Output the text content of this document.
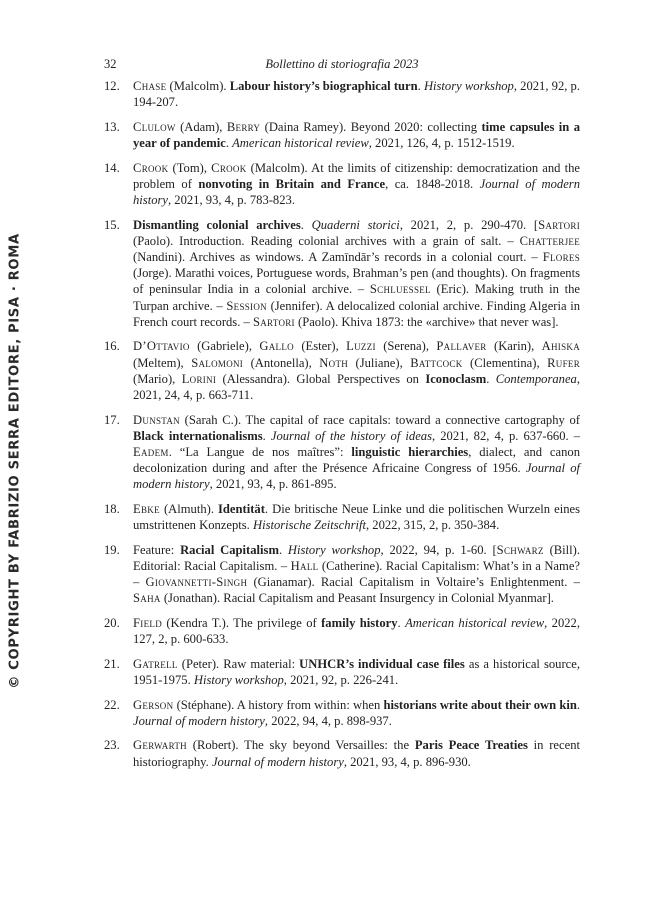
© COPYRIGHT BY FABRIZIO SERRA EDITORE, PISA · ROMA
32	Bollettino di storiografia 2023
12. Chase (Malcolm). Labour history’s biographical turn. History workshop, 2021, 92, p. 194-207.
13. Clulow (Adam), Berry (Daina Ramey). Beyond 2020: collecting time capsules in a year of pandemic. American historical review, 2021, 126, 4, p. 1512-1519.
14. Crook (Tom), Crook (Malcolm). At the limits of citizenship: democratization and the problem of nonvoting in Britain and France, ca. 1848-2018. Journal of modern history, 2021, 93, 4, p. 783-823.
15. Dismantling colonial archives. Quaderni storici, 2021, 2, p. 290-470. [Sartori (Paolo). Introduction. Reading colonial archives with a grain of salt. – Chatterjee (Nandini). Archives as windows. A Zamīndār’s records in a colonial court. – Flores (Jorge). Marathi voices, Portuguese words, Brahman’s pen (and thoughts). On fragments of peninsular India in a colonial archive. – Schluessel (Eric). Making truth in the Turpan archive. – Session (Jennifer). A delocalized colonial archive. Finding Algeria in French court records. – Sartori (Paolo). Khiva 1873: the «archive» that never was].
16. D’Ottavio (Gabriele), Gallo (Ester), Luzzi (Serena), Pallaver (Karin), Ahiska (Meltem), Salomoni (Antonella), Noth (Juliane), Battcock (Clementina), Rufer (Mario), Lorini (Alessandra). Global Perspectives on Iconoclasm. Contemporanea, 2021, 24, 4, p. 663-711.
17. Dunstan (Sarah C.). The capital of race capitals: toward a connective cartography of Black internationalisms. Journal of the history of ideas, 2021, 82, 4, p. 637-660. – Eadem. “La Langue de nos maîtres”: linguistic hierarchies, dialect, and canon decolonization during and after the Présence Africaine Congress of 1956. Journal of modern history, 2021, 93, 4, p. 861-895.
18. Ebke (Almuth). Identität. Die britische Neue Linke und die politischen Wurzeln eines umstrittenen Konzepts. Historische Zeitschrift, 2022, 315, 2, p. 350-384.
19. Feature: Racial Capitalism. History workshop, 2022, 94, p. 1-60. [Schwarz (Bill). Editorial: Racial Capitalism. – Hall (Catherine). Racial Capitalism: What’s in a Name? – Giovannetti-Singh (Gianamar). Racial Capitalism in Voltaire’s Enlightenment. – Saha (Jonathan). Racial Capitalism and Peasant Insurgency in Colonial Myanmar].
20. Field (Kendra T.). The privilege of family history. American historical review, 2022, 127, 2, p. 600-633.
21. Gatrell (Peter). Raw material: UNHCR’s individual case files as a historical source, 1951-1975. History workshop, 2021, 92, p. 226-241.
22. Gerson (Stéphane). A history from within: when historians write about their own kin. Journal of modern history, 2022, 94, 4, p. 898-937.
23. Gerwarth (Robert). The sky beyond Versailles: the Paris Peace Treaties in recent historiography. Journal of modern history, 2021, 93, 4, p. 896-930.
